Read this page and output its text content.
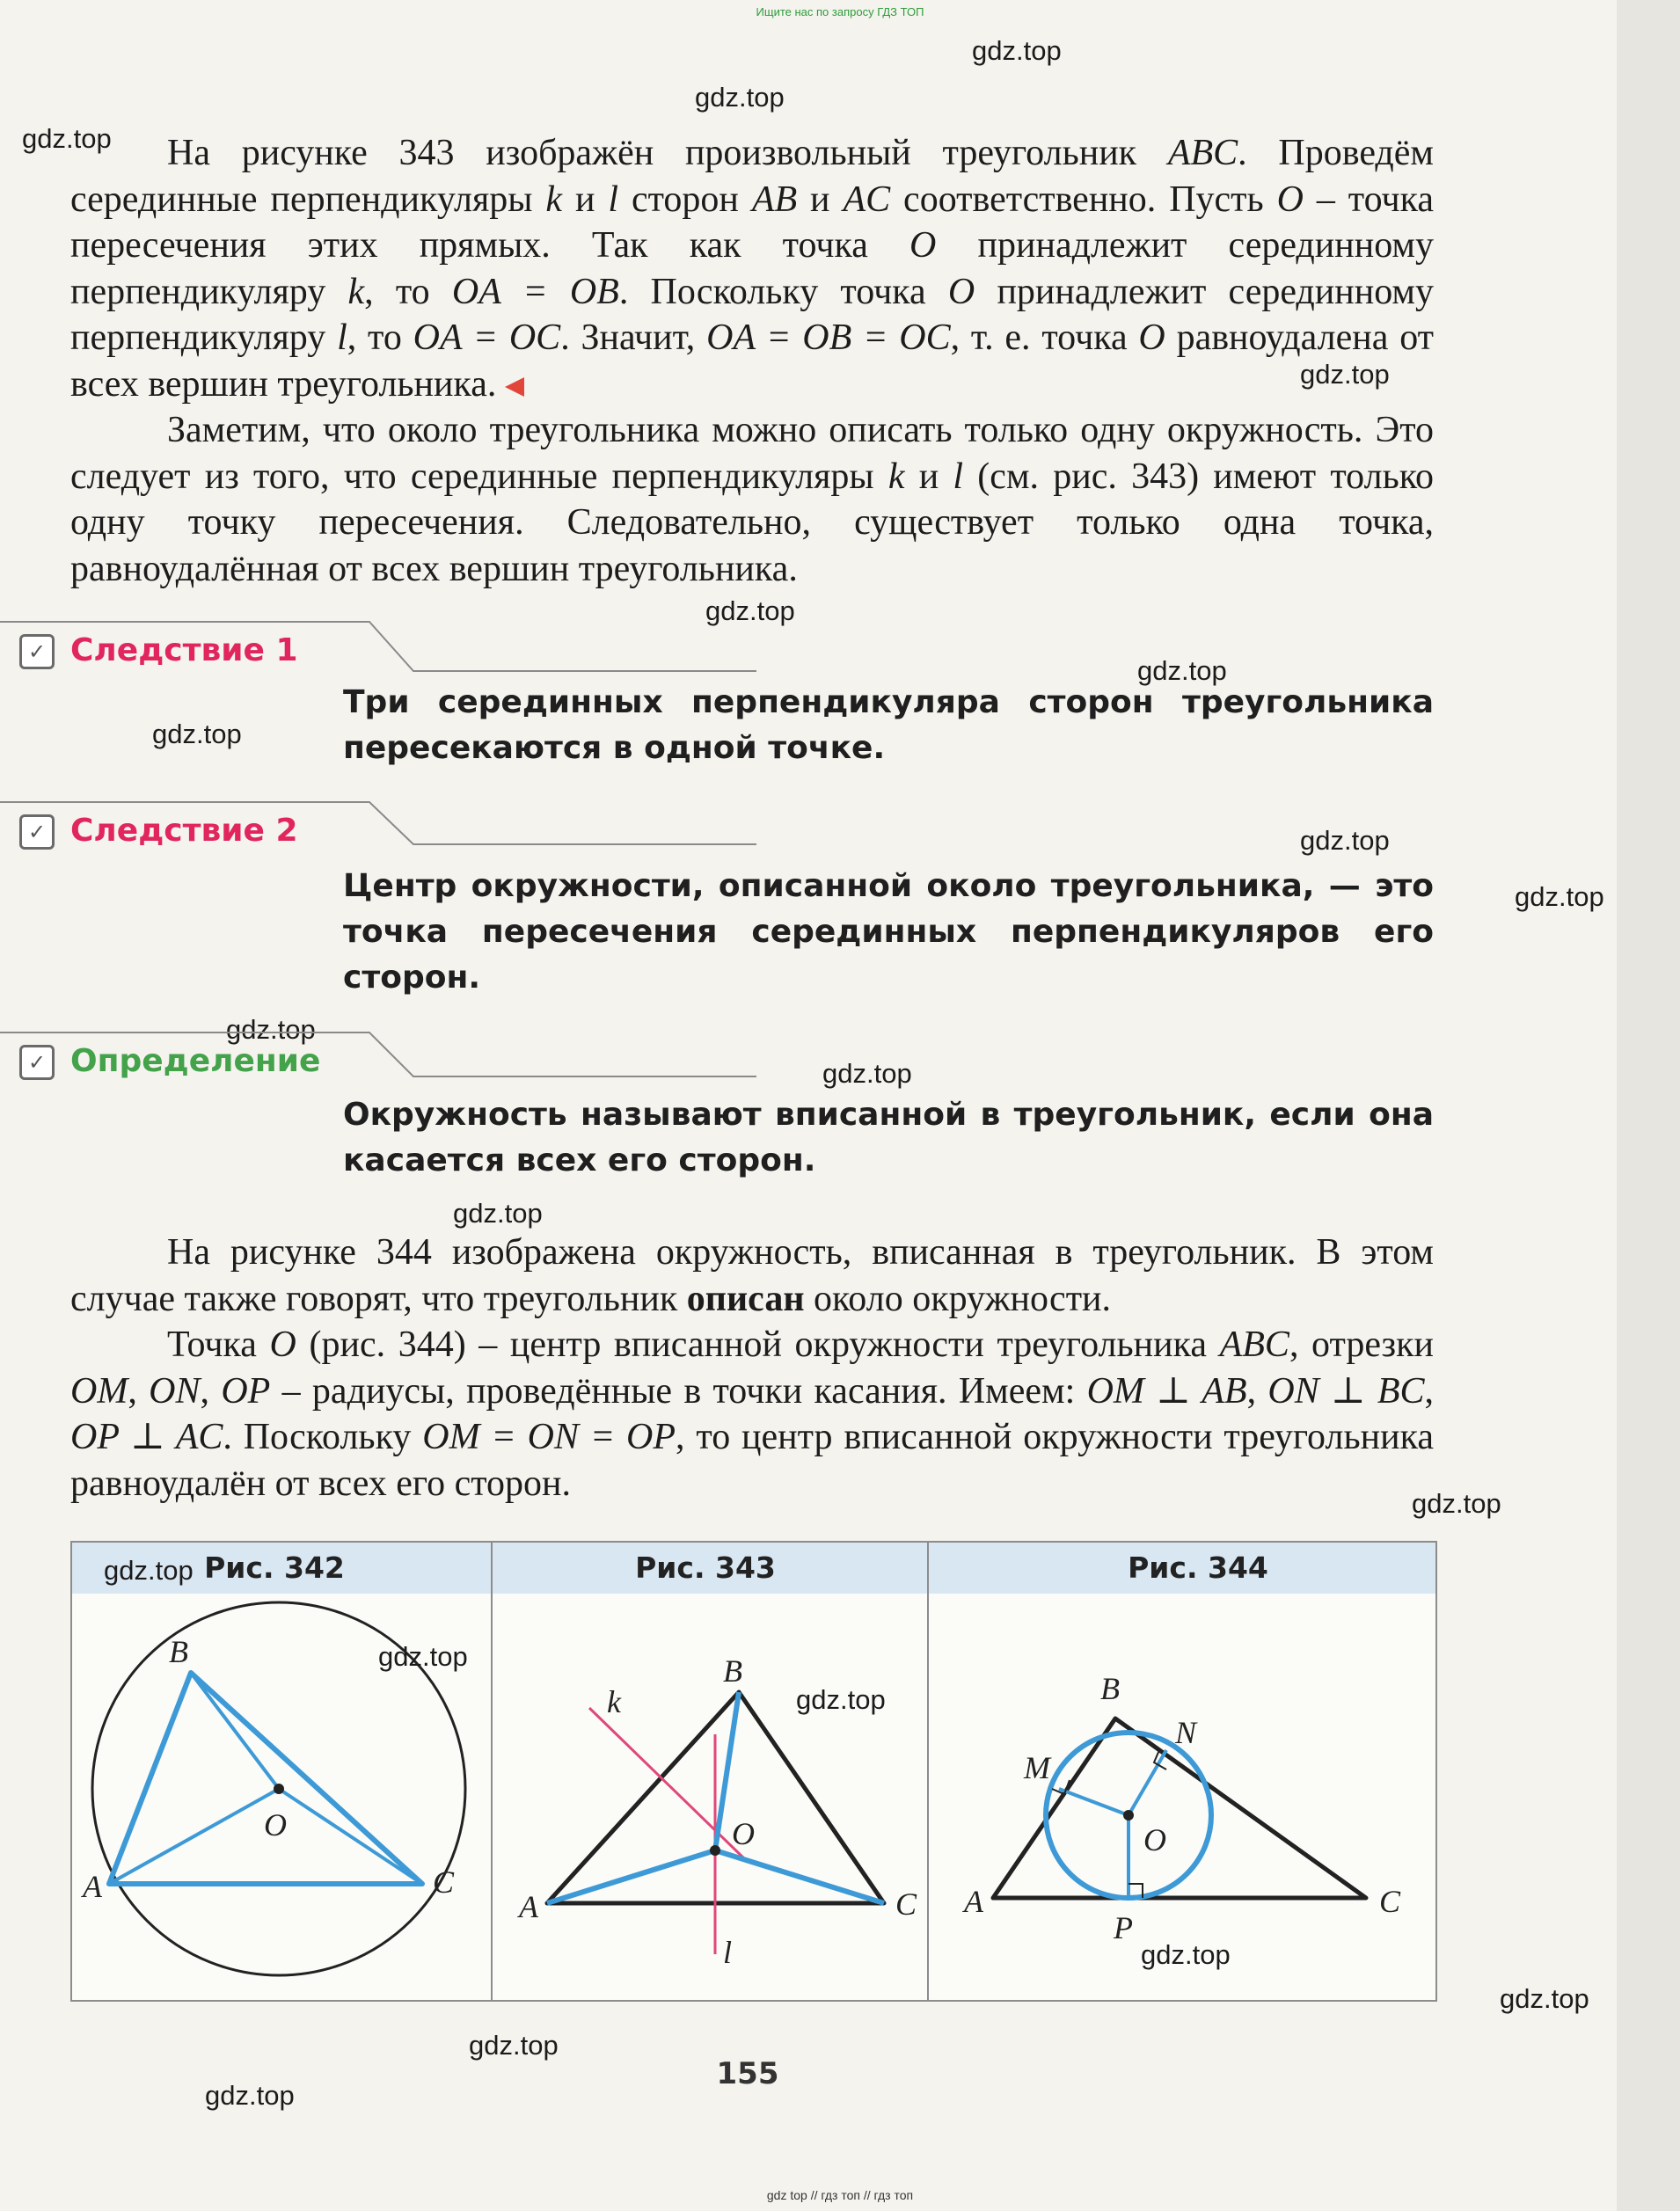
Ищите нас по запросу ГДЗ ТОП
gdz.top
gdz.top
gdz.top
gdz.top
gdz.top
gdz.top
gdz.top
gdz.top
gdz.top
gdz.top
gdz.top
gdz.top
gdz.top
gdz.top
gdz.top
gdz.top
На рисунке 343 изображён произвольный треугольник ABC. Проведём серединные перпендикуляры k и l сторон AB и AC соответственно. Пусть O – точка пересечения этих прямых. Так как точка O принадлежит серединному перпендикуляру k, то OA = OB. Поскольку точка O принадлежит серединному перпендикуляру l, то OA = OC. Значит, OA = OB = OC, т. е. точка O равноудалена от всех вершин треугольника.
Заметим, что около треугольника можно описать только одну окружность. Это следует из того, что серединные перпендикуляры k и l (см. рис. 343) имеют только одну точку пересечения. Следовательно, существует только одна точка, равноудалённая от всех вершин треугольника.
✓ Следствие 1
Три серединных перпендикуляра сторон треугольника пересекаются в одной точке.
✓ Следствие 2
Центр окружности, описанной около треугольника, — это точка пересечения серединных перпендикуляров его сторон.
✓ Определение
Окружность называют вписанной в треугольник, если она касается всех его сторон.
На рисунке 344 изображена окружность, вписанная в треугольник. В этом случае также говорят, что треугольник описан около окружности.
Точка O (рис. 344) – центр вписанной окружности треугольника ABC, отрезки OM, ON, OP – радиусы, проведённые в точки касания. Имеем: OM ⊥ AB, ON ⊥ BC, OP ⊥ AC. Поскольку OM = ON = OP, то центр вписанной окружности треугольника равноудалён от всех его сторон.
Рис. 342	Рис. 343	Рис. 344
B
A	C
O
B
A	C
O
k
l
B
A	C
O
M
N
P
gdz.top
gdz.top
gdz.top
gdz.top
155
gdz top // гдз топ // гдз топ
